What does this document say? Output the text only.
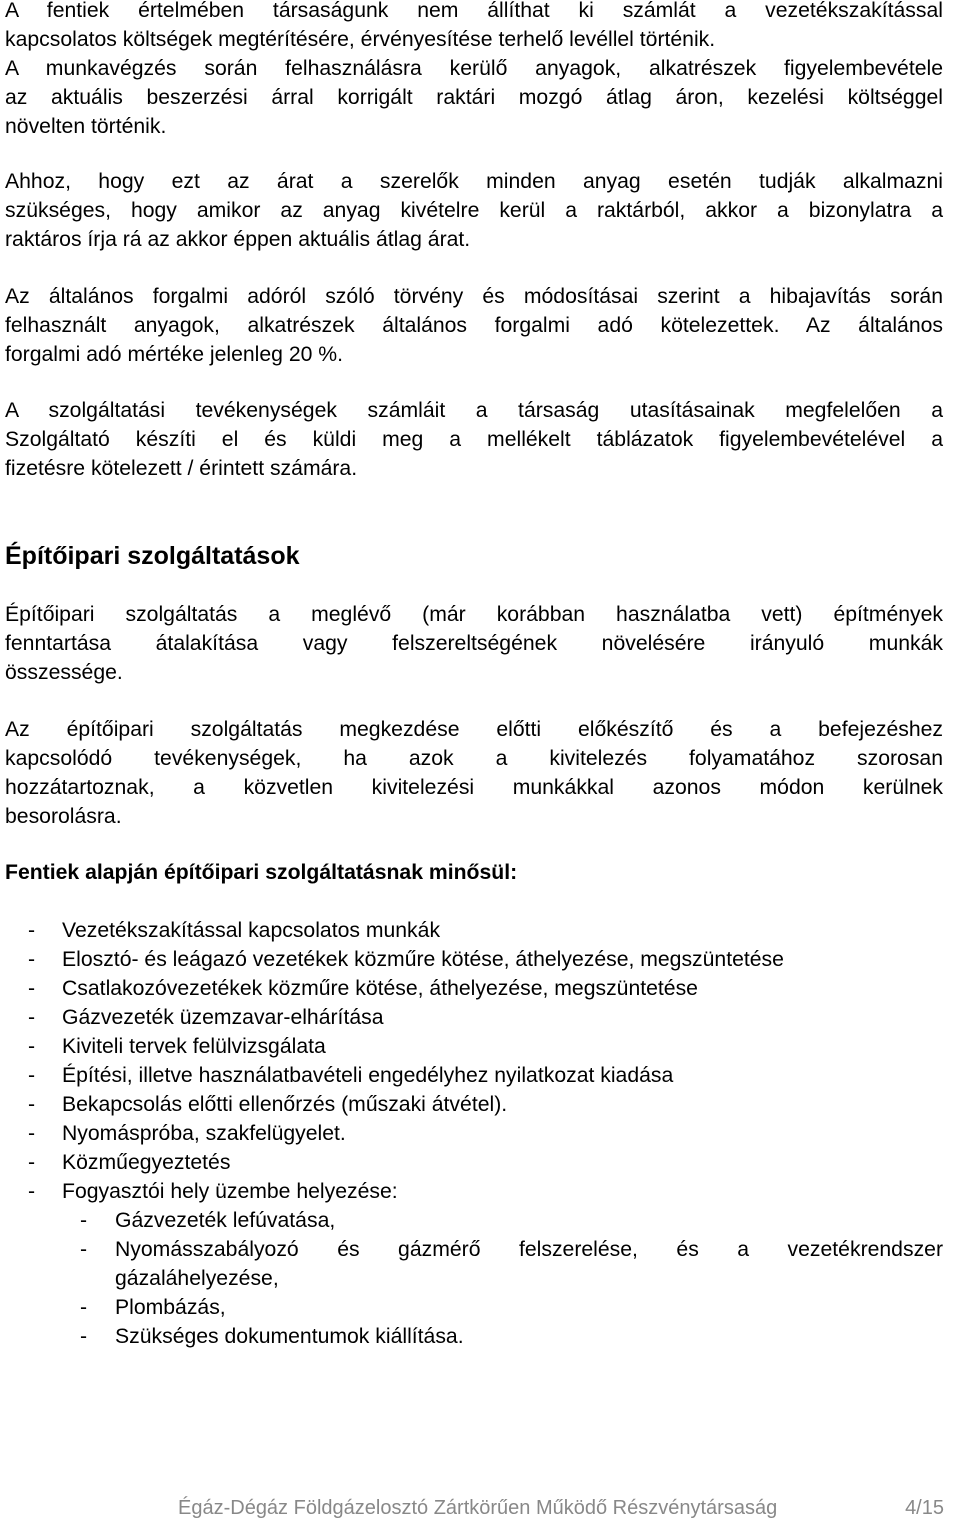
A fentiek értelmében társaságunk nem állíthat ki számlát a vezetékszakítással
kapcsolatos költségek megtérítésére, érvényesítése terhelő levéllel történik.
A munkavégzés során felhasználásra kerülő anyagok, alkatrészek figyelembevétele
az aktuális beszerzési árral korrigált raktári mozgó átlag áron, kezelési költséggel
növelten történik.
Ahhoz, hogy ezt az árat a szerelők minden anyag esetén tudják alkalmazni
szükséges, hogy amikor az anyag kivételre kerül a raktárból, akkor a bizonylatra a
raktáros írja rá az akkor éppen aktuális átlag árat.
Az általános forgalmi adóról szóló törvény és módosításai szerint a hibajavítás során
felhasznált anyagok, alkatrészek általános forgalmi adó kötelezettek. Az általános
forgalmi adó mértéke jelenleg 20 %.
A szolgáltatási tevékenységek számláit a társaság utasításainak megfelelően a
Szolgáltató készíti el és küldi meg a mellékelt táblázatok figyelembevételével a
fizetésre kötelezett / érintett számára.
Építőipari szolgáltatások
Építőipari szolgáltatás a meglévő (már korábban használatba vett) építmények
fenntartása átalakítása vagy felszereltségének növelésére irányuló munkák
összessége.
Az építőipari szolgáltatás megkezdése előtti előkészítő és a befejezéshez
kapcsolódó tevékenységek, ha azok a kivitelezés folyamatához szorosan
hozzátartoznak, a közvetlen kivitelezési munkákkal azonos módon kerülnek
besorolásra.
Fentiek alapján építőipari szolgáltatásnak minősül:
- Vezetékszakítással kapcsolatos munkák
- Elosztó- és leágazó vezetékek közműre kötése, áthelyezése, megszüntetése
- Csatlakozóvezetékek közműre kötése, áthelyezése, megszüntetése
- Gázvezeték üzemzavar-elhárítása
- Kiviteli tervek felülvizsgálata
- Építési, illetve használatbavételi engedélyhez nyilatkozat kiadása
- Bekapcsolás előtti ellenőrzés (műszaki átvétel).
- Nyomáspróba, szakfelügyelet.
- Közműegyeztetés
- Fogyasztói hely üzembe helyezése:
- Gázvezeték lefúvatása,
- Nyomásszabályozó és gázmérő felszerelése, és a vezetékrendszer
gázaláhelyezése,
- Plombázás,
- Szükséges dokumentumok kiállítása.
Égáz-Dégáz Földgázelosztó Zártkörűen Működő Részvénytársaság	4/15
